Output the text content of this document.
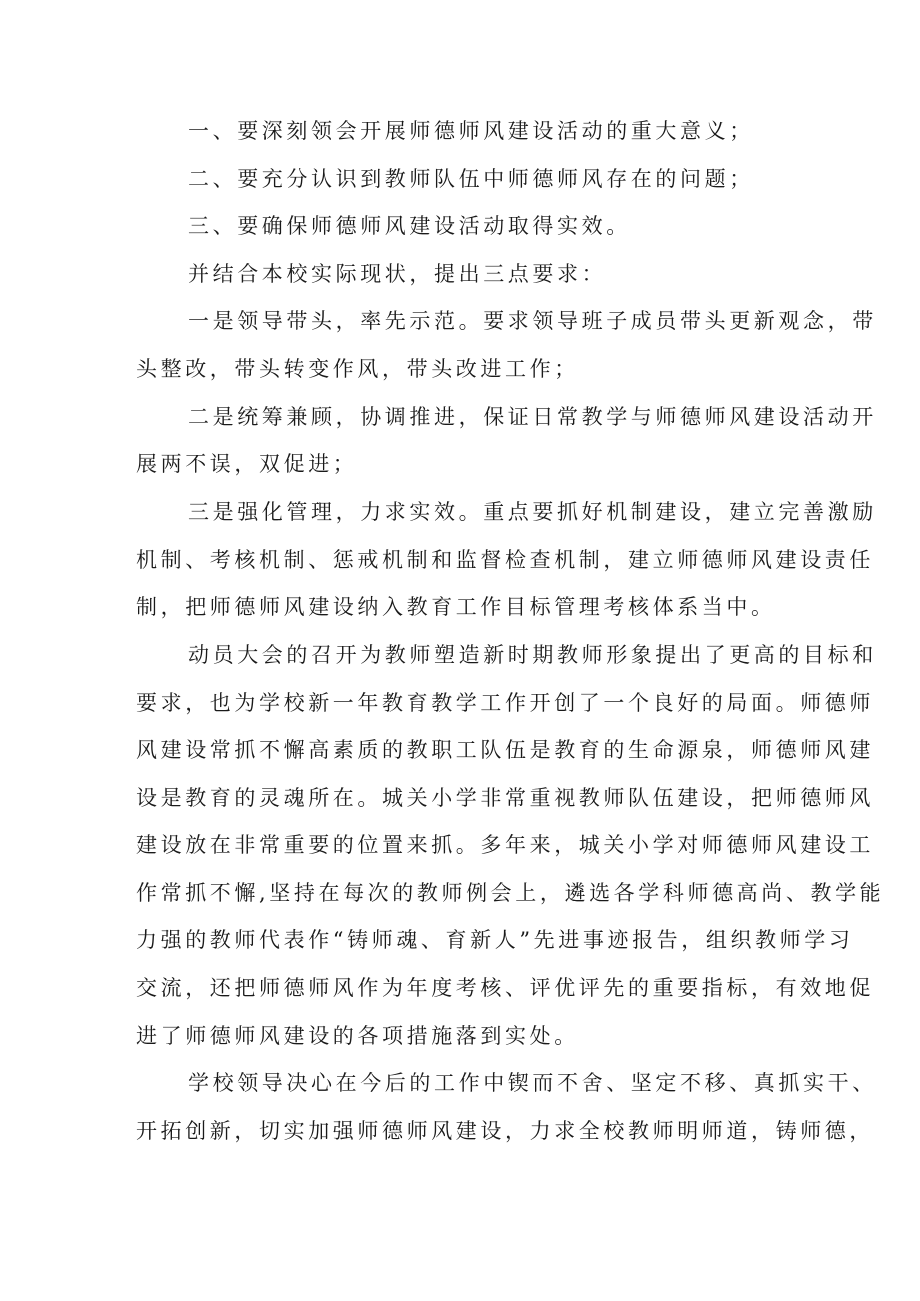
一、要深刻领会开展师德师风建设活动的重大意义；

二、要充分认识到教师队伍中师德师风存在的问题；

三、要确保师德师风建设活动取得实效。

并结合本校实际现状，提出三点要求：

一是领导带头，率先示范。要求领导班子成员带头更新观念，带

头整改，带头转变作风，带头改进工作；

二是统筹兼顾，协调推进，保证日常教学与师德师风建设活动开

展两不误，双促进；

三是强化管理，力求实效。重点要抓好机制建设，建立完善激励

机制、考核机制、惩戒机制和监督检查机制，建立师德师风建设责任

制，把师德师风建设纳入教育工作目标管理考核体系当中。

动员大会的召开为教师塑造新时期教师形象提出了更高的目标和

要求，也为学校新一年教育教学工作开创了一个良好的局面。师德师

风建设常抓不懈高素质的教职工队伍是教育的生命源泉，师德师风建

设是教育的灵魂所在。城关小学非常重视教师队伍建设，把师德师风

建设放在非常重要的位置来抓。多年来，城关小学对师德师风建设工

作常抓不懈,坚持在每次的教师例会上，遴选各学科师德高尚、教学能

力强的教师代表作“铸师魂、育新人”先进事迹报告，组织教师学习

交流，还把师德师风作为年度考核、评优评先的重要指标，有效地促

进了师德师风建设的各项措施落到实处。

学校领导决心在今后的工作中锲而不舍、坚定不移、真抓实干、

开拓创新，切实加强师德师风建设，力求全校教师明师道，铸师德，
